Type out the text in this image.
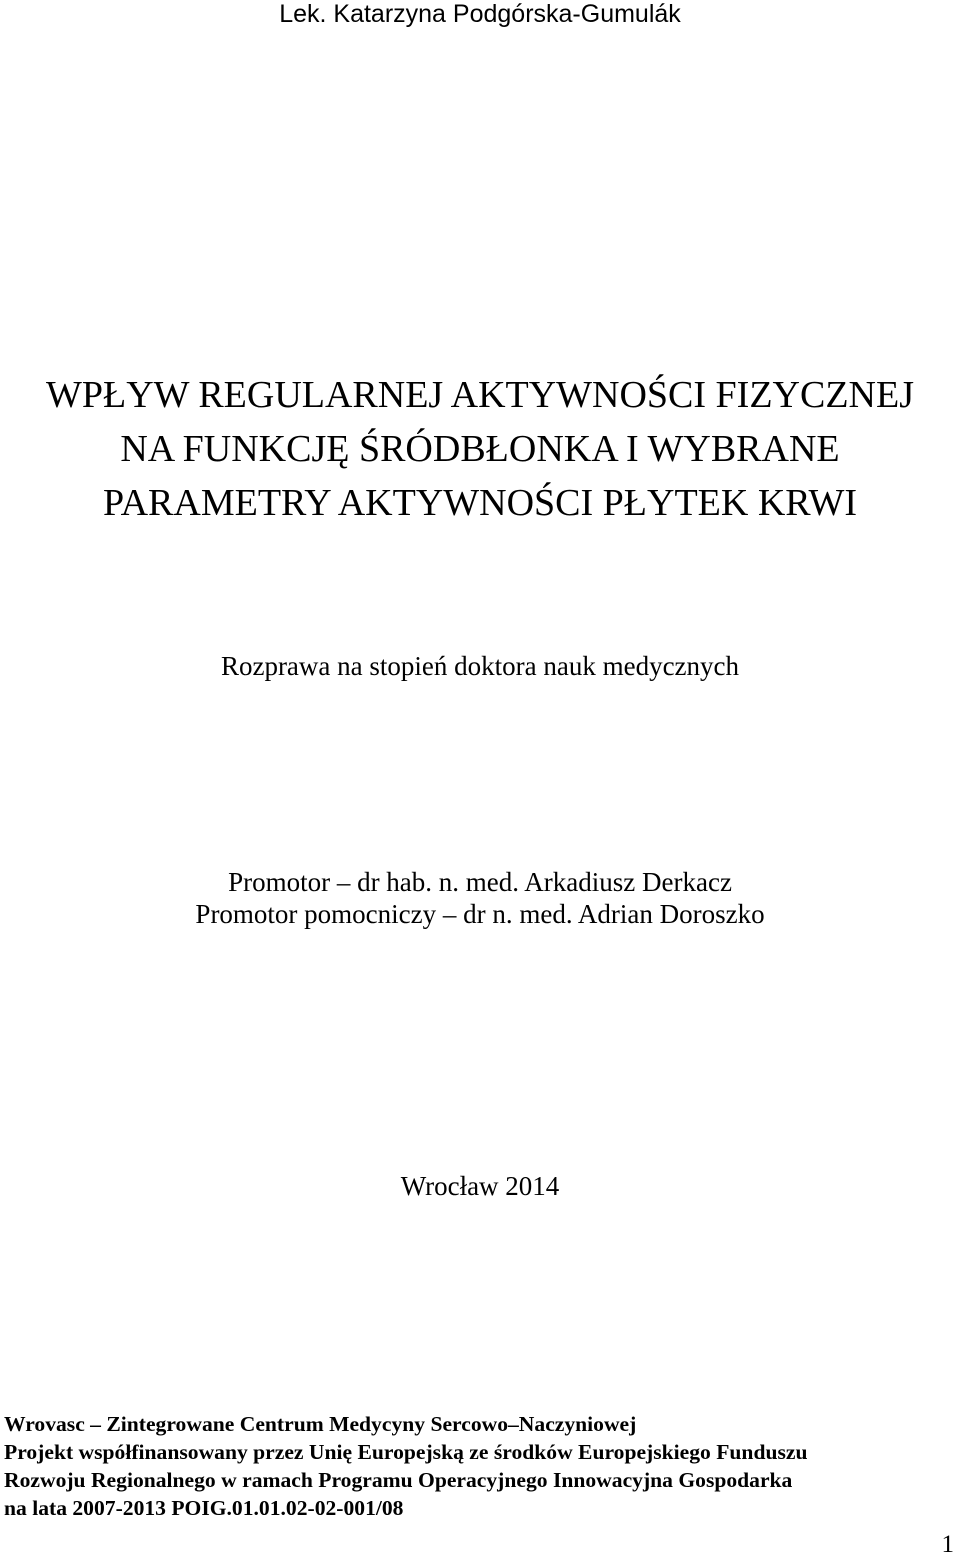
Lek. Katarzyna Podgórska-Gumulák
WPŁYW REGULARNEJ AKTYWNOŚCI FIZYCZNEJ
NA FUNKCJĘ ŚRÓDBŁONKA I WYBRANE
PARAMETRY AKTYWNOŚCI PŁYTEK KRWI
Rozprawa na stopień doktora nauk medycznych
Promotor – dr hab. n. med. Arkadiusz Derkacz
Promotor pomocniczy – dr n. med. Adrian Doroszko
Wrocław 2014
Wrovasc – Zintegrowane Centrum Medycyny Sercowo–Naczyniowej
Projekt współfinansowany przez Unię Europejską ze środków Europejskiego Funduszu
Rozwoju Regionalnego w ramach Programu Operacyjnego Innowacyjna Gospodarka
na lata 2007-2013 POIG.01.01.02-02-001/08
1
